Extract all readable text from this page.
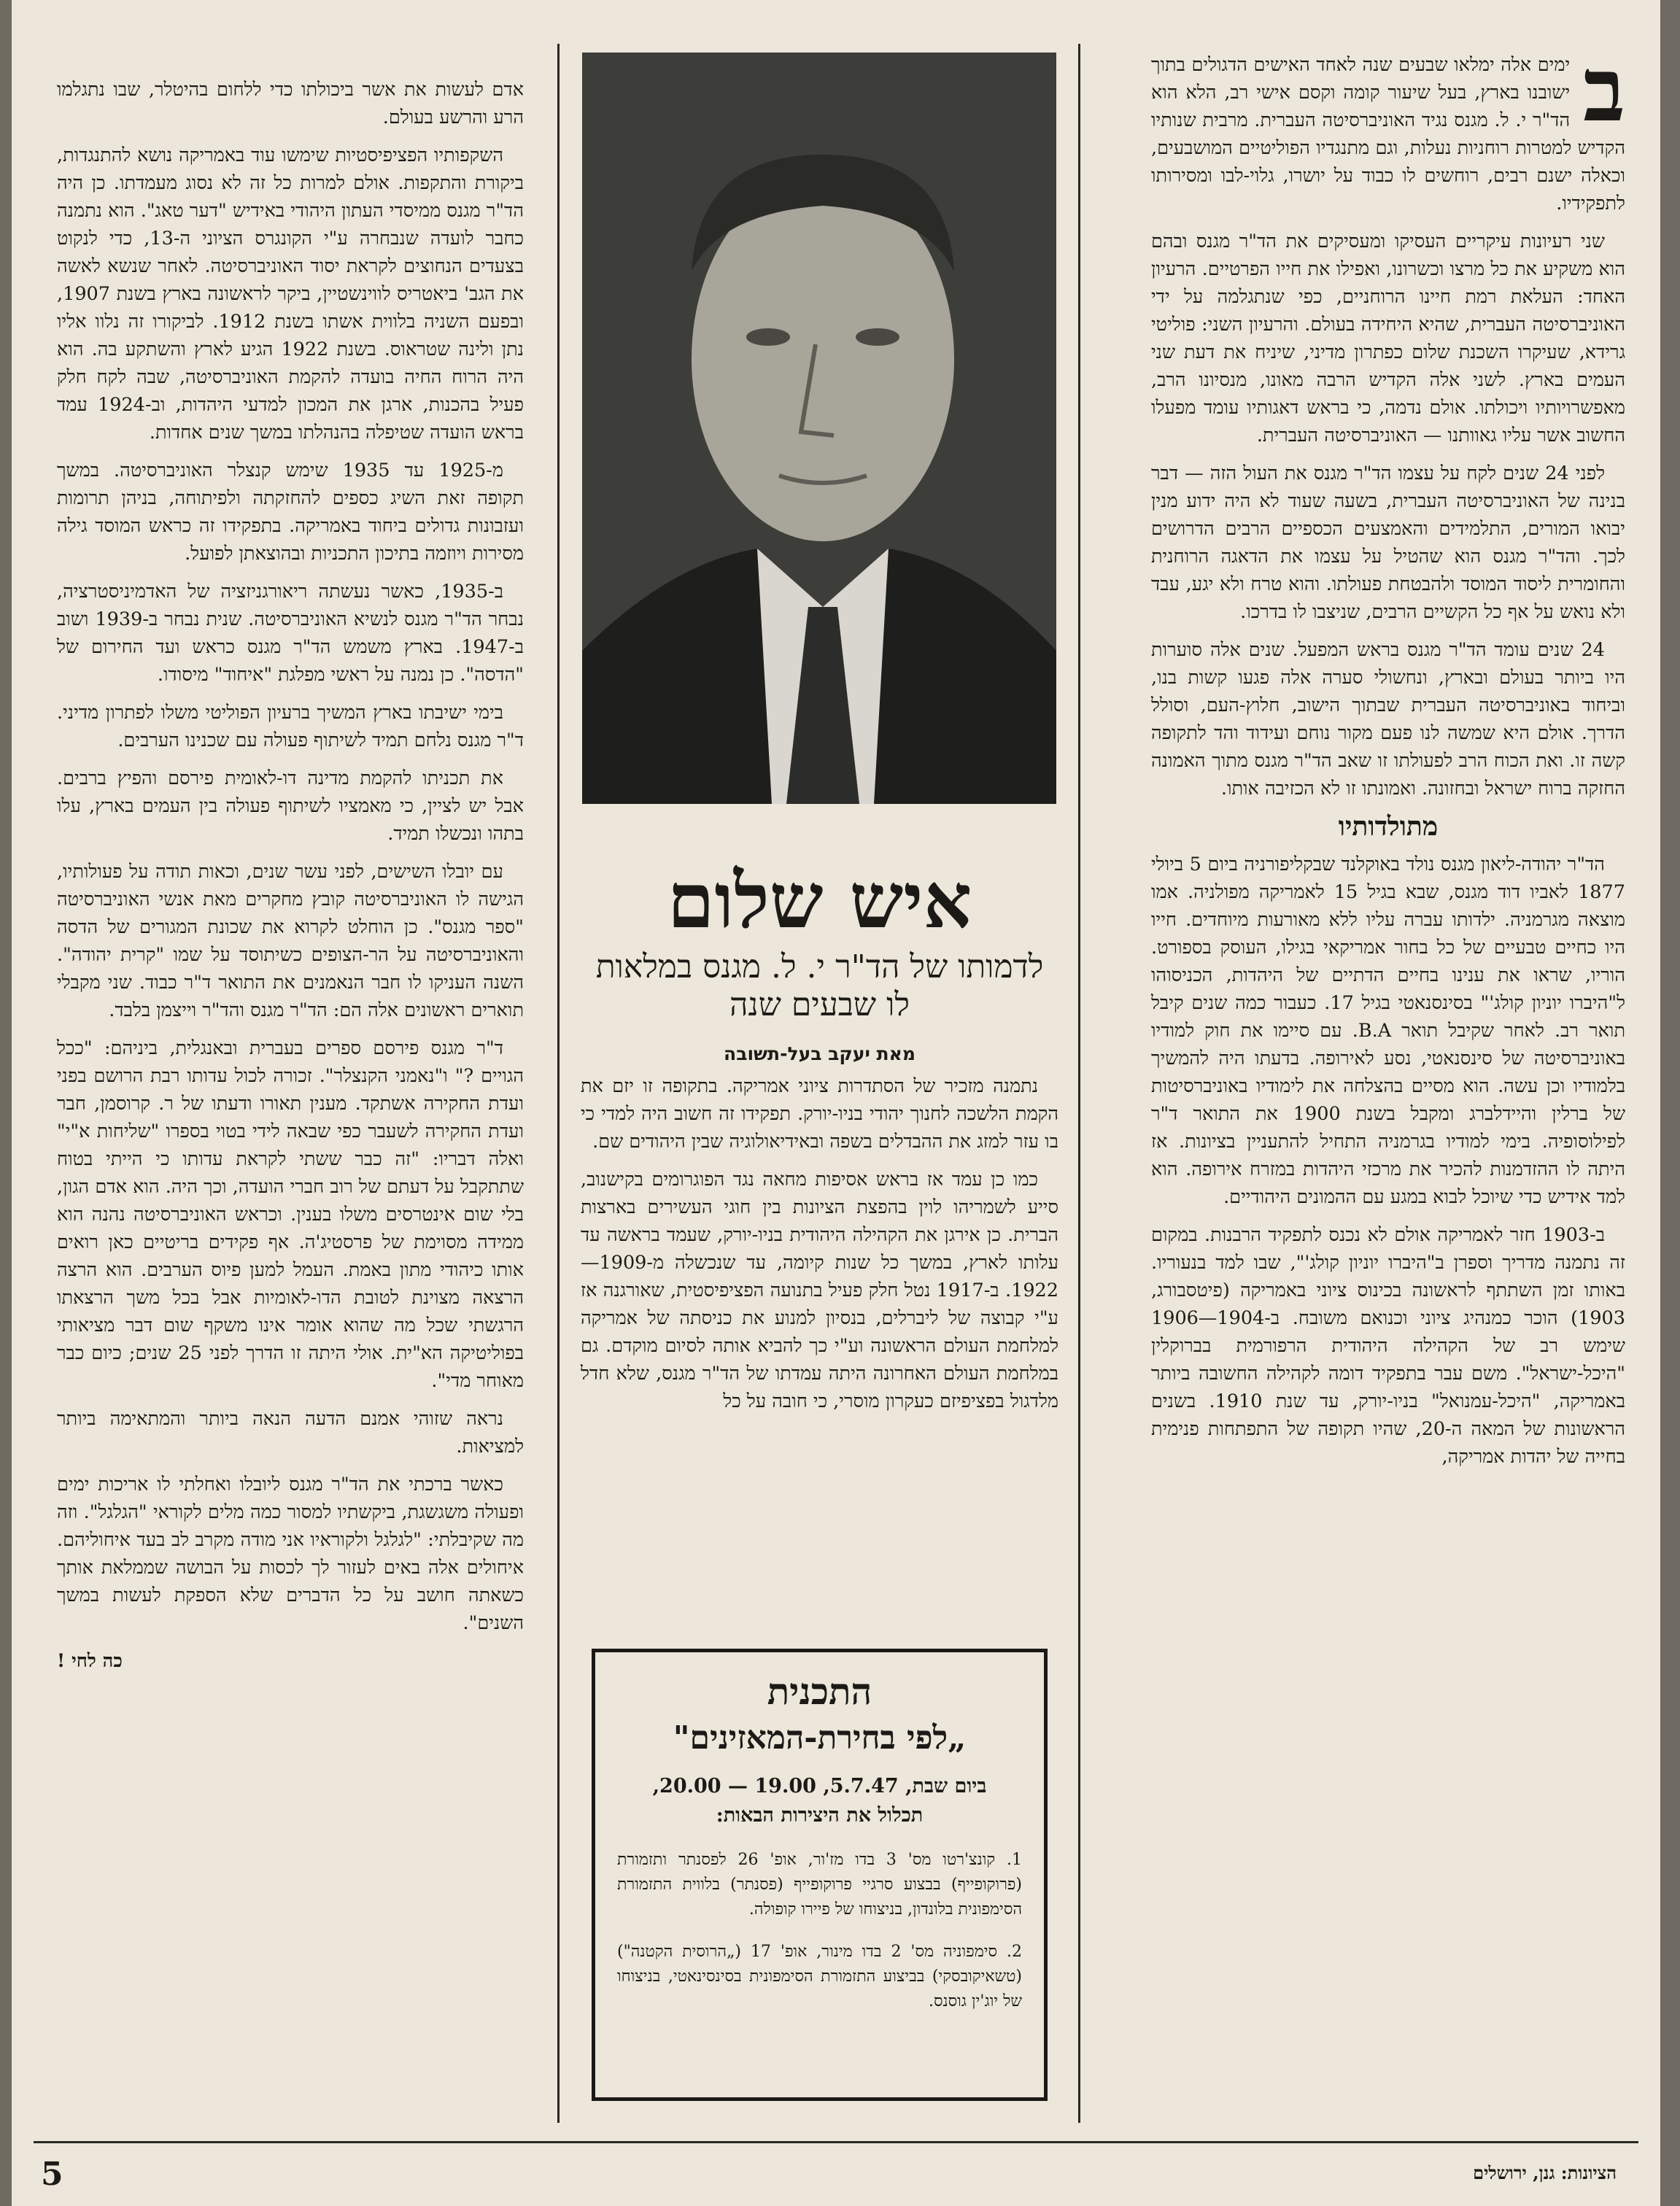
ב
ימים אלה ימלאו שבעים שנה לאחד האישים הדגולים בתוך ישובנו בארץ, בעל שיעור קומה וקסם אישי רב, הלא הוא הד"ר י. ל. מגנס נגיד האוניברסיטה העברית. מרבית שנותיו הקדיש למטרות רוחניות נעלות, וגם מתנגדיו הפוליטיים המושבעים, וכאלה ישנם רבים, רוחשים לו כבוד על יושרו, גלוי-לבו ומסירותו לתפקידיו.

שני רעיונות עיקריים העסיקו ומעסיקים את הד"ר מגנס ובהם הוא משקיע את כל מרצו וכשרונו, ואפילו את חייו הפרטיים. הרעיון האחד: העלאת רמת חיינו הרוחניים, כפי שנתגלמה על ידי האוניברסיטה העברית, שהיא היחידה בעולם. והרעיון השני: פוליטי גרידא, שעיקרו השכנת שלום כפתרון מדיני, שיניח את דעת שני העמים בארץ. לשני אלה הקדיש הרבה מאונו, מנסיונו הרב, מאפשרויותיו ויכולתו. אולם נדמה, כי בראש דאגותיו עומד מפעלו החשוב אשר עליו גאוותנו — האוניברסיטה העברית.

לפני 24 שנים לקח על עצמו הד"ר מגנס את העול הזה — דבר בנינה של האוניברסיטה העברית, בשעה שעוד לא היה ידוע מנין יבואו המורים, התלמידים והאמצעים הכספיים הרבים הדרושים לכך. והד"ר מגנס הוא שהטיל על עצמו את הדאגה הרוחנית והחומרית ליסוד המוסד ולהבטחת פעולתו. והוא טרח ולא יגע, עבד ולא נואש על אף כל הקשיים הרבים, שניצבו לו בדרכו.

24 שנים עומד הד"ר מגנס בראש המפעל. שנים אלה סוערות היו ביותר בעולם ובארץ, ונחשולי סערה אלה פגעו קשות בנו, וביחוד באוניברסיטה העברית שבתוך הישוב, חלוץ-העם, וסולל הדרך. אולם היא שמשה לנו פעם מקור נוחם ועידוד והד לתקופה קשה זו. ואת הכוח הרב לפעולתו זו שאב הד"ר מגנס מתוך האמונה החזקה ברוח ישראל ובחזונה. ואמונתו זו לא הכזיבה אותו.

מתולדותיו

הד"ר יהודה-ליאון מגנס נולד באוקלנד שבקליפורניה ביום 5 ביולי 1877 לאביו דוד מגנס, שבא בגיל 15 לאמריקה מפולניה. אמו מוצאה מגרמניה. ילדותו עברה עליו ללא מאורעות מיוחדים. חייו היו כחיים טבעיים של כל בחור אמריקאי בגילו, העוסק בספורט. הוריו, שראו את ענינו בחיים הדתיים של היהדות, הכניסוהו ל"היברו יוניון קולג'" בסינסנאטי בגיל 17. כעבור כמה שנים קיבל תואר רב. לאחר שקיבל תואר B.A. עם סיימו את חוק למודיו באוניברסיטה של סינסנאטי, נסע לאירופה. בדעתו היה להמשיך בלמודיו וכן עשה. הוא מסיים בהצלחה את לימודיו באוניברסיטות של ברלין והיידלברג ומקבל בשנת 1900 את התואר ד"ר לפילוסופיה. בימי למודיו בגרמניה התחיל להתעניין בציונות. אז היתה לו ההזדמנות להכיר את מרכזי היהדות במזרח אירופה. הוא למד אידיש כדי שיוכל לבוא במגע עם ההמונים היהודיים.

ב-1903 חזר לאמריקה אולם לא נכנס לתפקיד הרבנות. במקום זה נתמנה מדריך וספרן ב"היברו יוניון קולג'", שבו למד בנעוריו. באותו זמן השתתף לראשונה בכינוס ציוני באמריקה (פיטסבורג, 1903) הוכר כמנהיג ציוני וכנואם משובח. ב-1904—1906 שימש רב של הקהילה היהודית הרפורמית בברוקלין "היכל-ישראל". משם עבר בתפקיד דומה לקהילה החשובה ביותר באמריקה, "היכל-עמנואל" בניו-יורק, עד שנת 1910. בשנים הראשונות של המאה ה-20, שהיו תקופה של התפתחות פנימית בחייה של יהדות אמריקה,

איש שלום

לדמותו של הד"ר י. ל. מגנס במלאות לו שבעים שנה

מאת יעקב בעל-תשובה

נתמנה מזכיר של הסתדרות ציוני אמריקה. בתקופה זו יזם את הקמת הלשכה לחנוך יהודי בניו-יורק. תפקידו זה חשוב היה למדי כי בו עזר למזג את ההבדלים בשפה ובאידיאולוגיה שבין היהודים שם.

כמו כן עמד אז בראש אסיפות מחאה נגד הפוגרומים בקישנוב, סייע לשמריהו לוין בהפצת הציונות בין חוגי העשירים בארצות הברית. כן אירגן את הקהילה היהודית בניו-יורק, שעמד בראשה עד עלותו לארץ, במשך כל שנות קיומה, עד שנכשלה מ-1909—1922. ב-1917 נטל חלק פעיל בתנועה הפציפיסטית, שאורגנה אז ע"י קבוצה של ליברלים, בנסיון למנוע את כניסתה של אמריקה למלחמת העולם הראשונה וע"י כך להביא אותה לסיום מוקדם. גם במלחמת העולם האחרונה היתה עמדתו של הד"ר מגנס, שלא חדל מלדגול בפציפיזם כעקרון מוסרי, כי חובה על כל

התכנית

„לפי בחירת-המאזינים"

ביום שבת, 5.7.47, 19.00 — 20.00,

תכלול את היצירות הבאות:

1. קונצ'רטו מס' 3 בדו מז'ור, אופ' 26 לפסנתר ותזמורת (פרוקופייף) בבצוע סרגיי פרוקופייף (פסנתר) בלווית התזמורת הסימפונית בלונדון, בניצוחו של פיירו קופולה.

2. סימפוניה מס' 2 בדו מינור, אופ' 17 („הרוסית הקטנה") (טשאיקובסקי) בביצוע התזמורת הסימפונית בסינסינאטי, בניצוחו של יוג'ין גוסנס.

אדם לעשות את אשר ביכולתו כדי ללחום בהיטלר, שבו נתגלמו הרע והרשע בעולם.

השקפותיו הפציפיסטיות שימשו עוד באמריקה נושא להתנגדות, ביקורת והתקפות. אולם למרות כל זה לא נסוג מעמדתו. כן היה הד"ר מגנס ממיסדי העתון היהודי באידיש "דער טאג". הוא נתמנה כחבר לועדה שנבחרה ע"י הקונגרס הציוני ה-13, כדי לנקוט בצעדים הנחוצים לקראת יסוד האוניברסיטה. לאחר שנשא לאשה את הגב' ביאטריס לווינשטיין, ביקר לראשונה בארץ בשנת 1907, ובפעם השניה בלווית אשתו בשנת 1912. לביקורו זה נלוו אליו נתן ולינה שטראוס. בשנת 1922 הגיע לארץ והשתקע בה. הוא היה הרוח החיה בועדה להקמת האוניברסיטה, שבה לקח חלק פעיל בהכנות, ארגן את המכון למדעי היהדות, וב-1924 עמד בראש הועדה שטיפלה בהנהלתו במשך שנים אחדות.

מ-1925 עד 1935 שימש קנצלר האוניברסיטה. במשך תקופה זאת השיג כספים להחזקתה ולפיתוחה, בניהן תרומות ועזבונות גדולים ביחוד באמריקה. בתפקידו זה כראש המוסד גילה מסירות ויוזמה בתיכון התכניות ובהוצאתן לפועל.

ב-1935, כאשר נעשתה ריאורגניזציה של האדמיניסטרציה, נבחר הד"ר מגנס לנשיא האוניברסיטה. שנית נבחר ב-1939 ושוב ב-1947. בארץ משמש הד"ר מגנס כראש ועד החירום של "הדסה". כן נמנה על ראשי מפלגת "איחוד" מיסודו.

בימי ישיבתו בארץ המשיך ברעיון הפוליטי משלו לפתרון מדיני. ד"ר מגנס נלחם תמיד לשיתוף פעולה עם שכנינו הערבים.

את תכניתו להקמת מדינה דו-לאומית פירסם והפיץ ברבים. אבל יש לציין, כי מאמציו לשיתוף פעולה בין העמים בארץ, עלו בתהו ונכשלו תמיד.

עם יובלו השישים, לפני עשר שנים, וכאות תודה על פעולותיו, הגישה לו האוניברסיטה קובץ מחקרים מאת אנשי האוניברסיטה "ספר מגנס". כן הוחלט לקרוא את שכונת המגורים של הדסה והאוניברסיטה על הר-הצופים כשיתוסד על שמו "קרית יהודה". השנה העניקו לו חבר הנאמנים את התואר ד"ר כבוד. שני מקבלי תוארים ראשונים אלה הם: הד"ר מגנס והד"ר וייצמן בלבד.

ד"ר מגנס פירסם ספרים בעברית ובאנגלית, ביניהם: "ככל הגויים ?" ו"נאמני הקנצלר". זכורה לכול עדותו רבת הרושם בפני ועדת החקירה אשתקד. מענין תאורו ודעתו של ר. קרוסמן, חבר ועדת החקירה לשעבר כפי שבאה לידי בטוי בספרו "שליחות א"י" ואלה דבריו: "זה כבר ששתי לקראת עדותו כי הייתי בטוח שתתקבל על דעתם של רוב חברי הועדה, וכך היה. הוא אדם הגון, בלי שום אינטרסים משלו בענין. וכראש האוניברסיטה נהנה הוא ממידה מסוימת של פרסטיג'ה. אף פקידים בריטיים כאן רואים אותו כיהודי מתון באמת. העמל למען פיוס הערבים. הוא הרצה הרצאה מצוינת לטובת הדו-לאומיות אבל בכל משך הרצאתו הרגשתי שכל מה שהוא אומר אינו משקף שום דבר מציאותי בפוליטיקה הא"ית. אולי היתה זו הדרך לפני 25 שנים; כיום כבר מאוחר מדי".

נראה שזוהי אמנם הדעה הנאה ביותר והמתאימה ביותר למציאות.

כאשר ברכתי את הד"ר מגנס ליובלו ואחלתי לו אריכות ימים ופעולה משגשגת, ביקשתיו למסור כמה מלים לקוראי "הגלגל". וזה מה שקיבלתי: "לגלגל ולקוראיו אני מודה מקרב לב בעד איחוליהם. איחולים אלה באים לעזור לך לכסות על הבושה שממלאת אותך כשאתה חושב על כל הדברים שלא הספקת לעשות במשך השנים".

כה לחי !

5	הציונות: גנן, ירושלים
